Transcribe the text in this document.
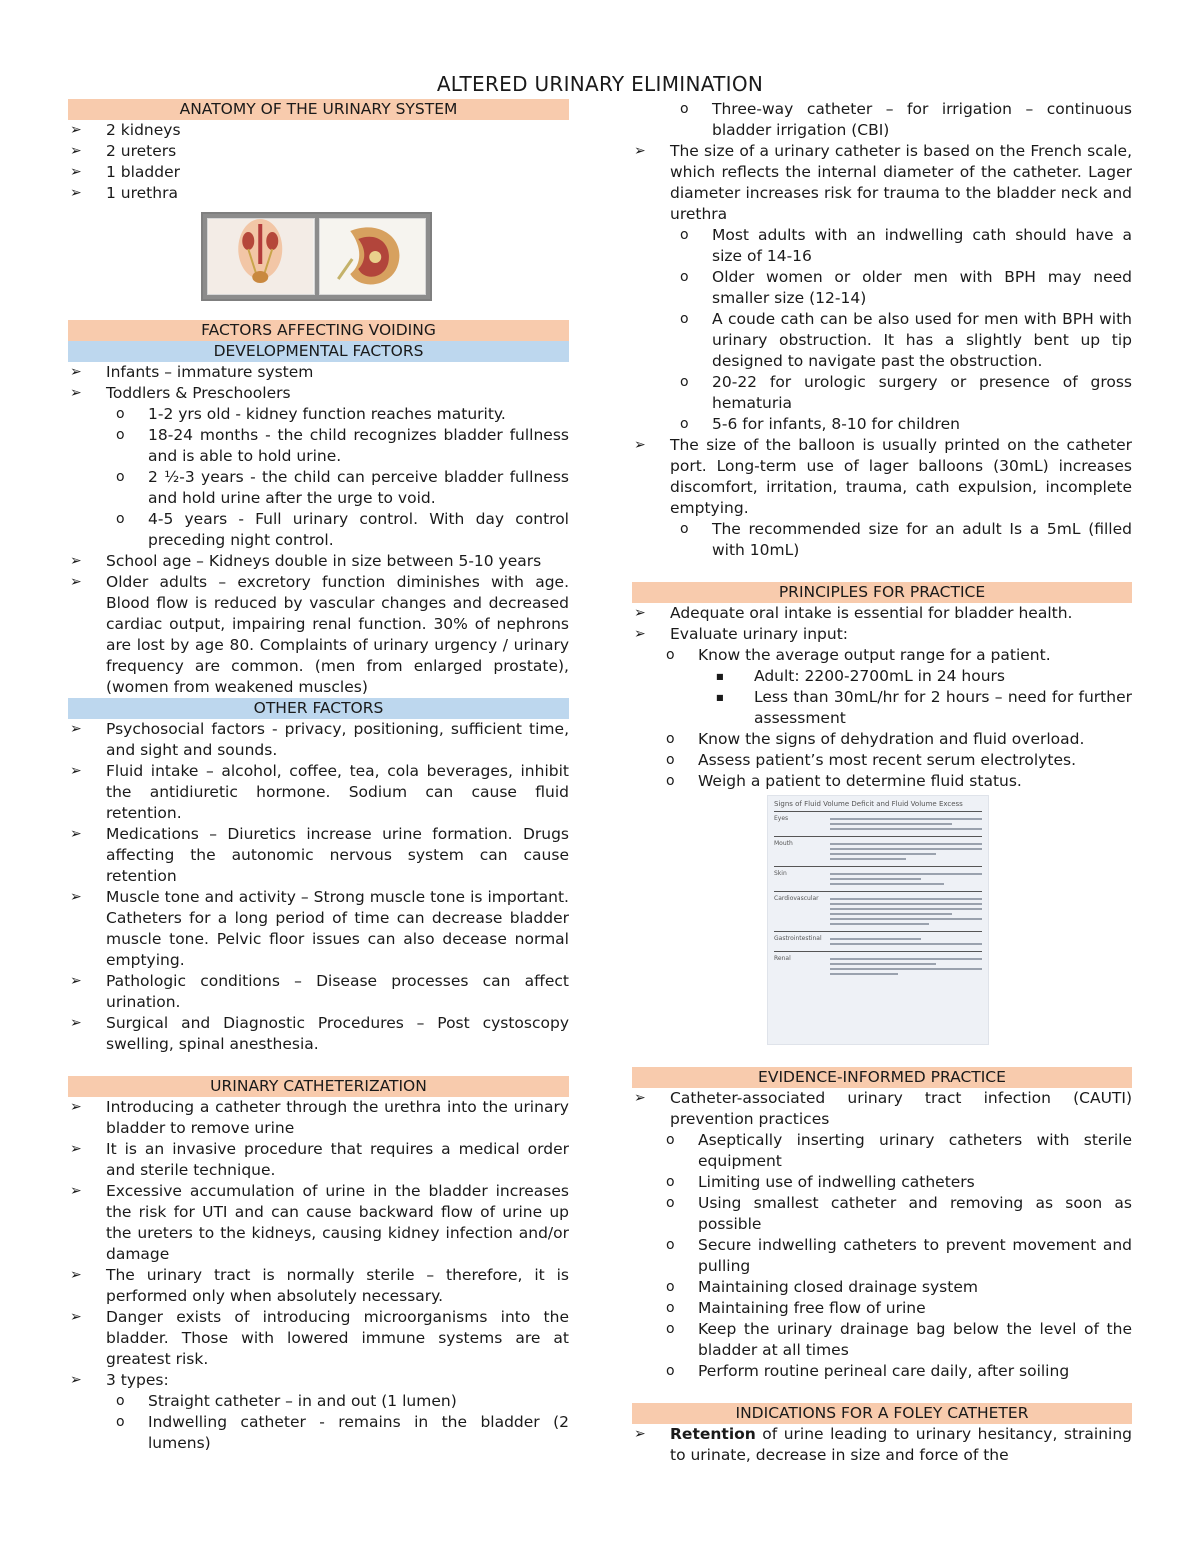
ALTERED URINARY ELIMINATION
ANATOMY OF THE URINARY SYSTEM
➢ 2 kidneys
➢ 2 ureters
➢ 1 bladder
➢ 1 urethra
FACTORS AFFECTING VOIDING
DEVELOPMENTAL FACTORS
➢ Infants – immature system
➢ Toddlers & Preschoolers
o 1-2 yrs old - kidney function reaches maturity.
o 18-24 months - the child recognizes bladder fullness and is able to hold urine.
o 2 ½-3 years - the child can perceive bladder fullness and hold urine after the urge to void.
o 4-5 years - Full urinary control. With day control preceding night control.
➢ School age – Kidneys double in size between 5-10 years
➢ Older adults – excretory function diminishes with age. Blood flow is reduced by vascular changes and decreased cardiac output, impairing renal function. 30% of nephrons are lost by age 80. Complaints of urinary urgency / urinary frequency are common. (men from enlarged prostate), (women from weakened muscles)
OTHER FACTORS
➢ Psychosocial factors - privacy, positioning, sufficient time, and sight and sounds.
➢ Fluid intake – alcohol, coffee, tea, cola beverages, inhibit the antidiuretic hormone. Sodium can cause fluid retention.
➢ Medications – Diuretics increase urine formation. Drugs affecting the autonomic nervous system can cause retention
➢ Muscle tone and activity – Strong muscle tone is important. Catheters for a long period of time can decrease bladder muscle tone. Pelvic floor issues can also decease normal emptying.
➢ Pathologic conditions – Disease processes can affect urination.
➢ Surgical and Diagnostic Procedures – Post cystoscopy swelling, spinal anesthesia.
URINARY CATHETERIZATION
➢ Introducing a catheter through the urethra into the urinary bladder to remove urine
➢ It is an invasive procedure that requires a medical order and sterile technique.
➢ Excessive accumulation of urine in the bladder increases the risk for UTI and can cause backward flow of urine up the ureters to the kidneys, causing kidney infection and/or damage
➢ The urinary tract is normally sterile – therefore, it is performed only when absolutely necessary.
➢ Danger exists of introducing microorganisms into the bladder. Those with lowered immune systems are at greatest risk.
➢ 3 types:
o Straight catheter – in and out (1 lumen)
o Indwelling catheter - remains in the bladder (2 lumens)
o Three-way catheter – for irrigation – continuous bladder irrigation (CBI)
➢ The size of a urinary catheter is based on the French scale, which reflects the internal diameter of the catheter. Lager diameter increases risk for trauma to the bladder neck and urethra
o Most adults with an indwelling cath should have a size of 14-16
o Older women or older men with BPH may need smaller size (12-14)
o A coude cath can be also used for men with BPH with urinary obstruction. It has a slightly bent up tip designed to navigate past the obstruction.
o 20-22 for urologic surgery or presence of gross hematuria
o 5-6 for infants, 8-10 for children
➢ The size of the balloon is usually printed on the catheter port. Long-term use of lager balloons (30mL) increases discomfort, irritation, trauma, cath expulsion, incomplete emptying.
o The recommended size for an adult Is a 5mL (filled with 10mL)
PRINCIPLES FOR PRACTICE
➢ Adequate oral intake is essential for bladder health.
➢ Evaluate urinary input:
o Know the average output range for a patient.
■ Adult: 2200-2700mL in 24 hours
■ Less than 30mL/hr for 2 hours – need for further assessment
o Know the signs of dehydration and fluid overload.
o Assess patient’s most recent serum electrolytes.
o Weigh a patient to determine fluid status.
Signs of Fluid Volume Deficit and Fluid Volume Excess
Eyes
Mouth
Skin
Cardiovascular
Gastrointestinal
Renal
EVIDENCE-INFORMED PRACTICE
➢ Catheter-associated urinary tract infection (CAUTI) prevention practices
o Aseptically inserting urinary catheters with sterile equipment
o Limiting use of indwelling catheters
o Using smallest catheter and removing as soon as possible
o Secure indwelling catheters to prevent movement and pulling
o Maintaining closed drainage system
o Maintaining free flow of urine
o Keep the urinary drainage bag below the level of the bladder at all times
o Perform routine perineal care daily, after soiling
INDICATIONS FOR A FOLEY CATHETER
➢ Retention of urine leading to urinary hesitancy, straining to urinate, decrease in size and force of the
